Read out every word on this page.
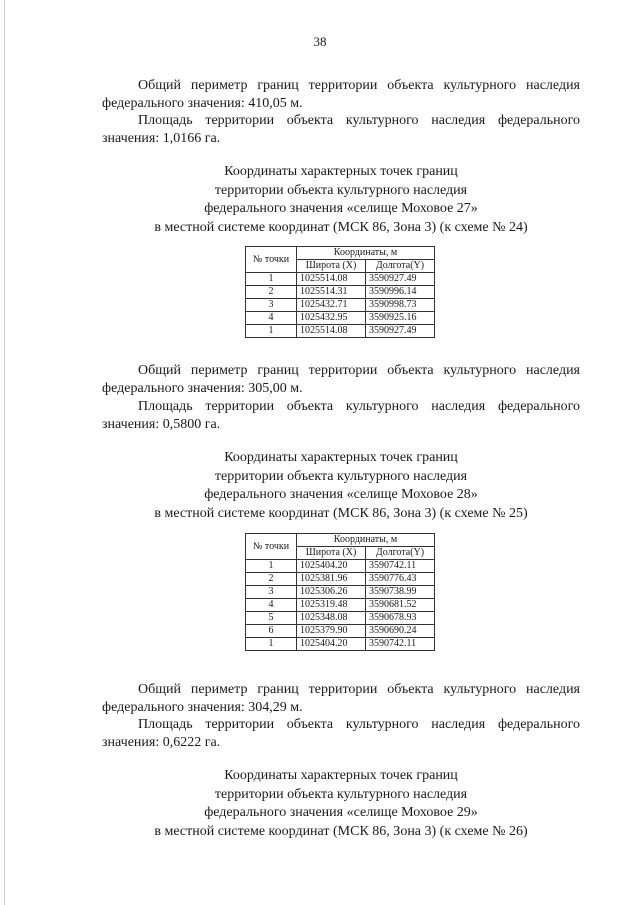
38

Общий периметр границ территории объекта культурного наследия
федерального значения: 410,05 м.

Площадь территории объекта культурного наследия федерального
значения: 1,0166 га.

Координаты характерных точек границ
территории объекта культурного наследия
федерального значения «селище Моховое 27»
в местной системе координат (МСК 86, Зона 3) (к схеме № 24)
№ точки	Координаты, м	
	Широта (X)	Долгота(Y)
1	1025514.08	3590927.49
2	1025514.31	3590996.14
3	1025432.71	3590998.73
4	1025432.95	3590925.16
1	1025514.08	3590927.49

Общий периметр границ территории объекта культурного наследия
федерального значения: 305,00 м.

Площадь территории объекта культурного наследия федерального
значения: 0,5800 га.

Координаты характерных точек границ
территории объекта культурного наследия
федерального значения «селище Моховое 28»
в местной системе координат (МСК 86, Зона 3) (к схеме № 25)
№ точки	Координаты, м	
	Широта (X)	Долгота(Y)
1	1025404.20	3590742.11
2	1025381.96	3590776.43
3	1025306.26	3590738.99
4	1025319.48	3590681.52
5	1025348.08	3590678.93
6	1025379.90	3590690.24
1	1025404.20	3590742.11

Общий периметр границ территории объекта культурного наследия
федерального значения: 304,29 м.

Площадь территории объекта культурного наследия федерального
значения: 0,6222 га.

Координаты характерных точек границ
территории объекта культурного наследия
федерального значения «селище Моховое 29»
в местной системе координат (МСК 86, Зона 3) (к схеме № 26)
